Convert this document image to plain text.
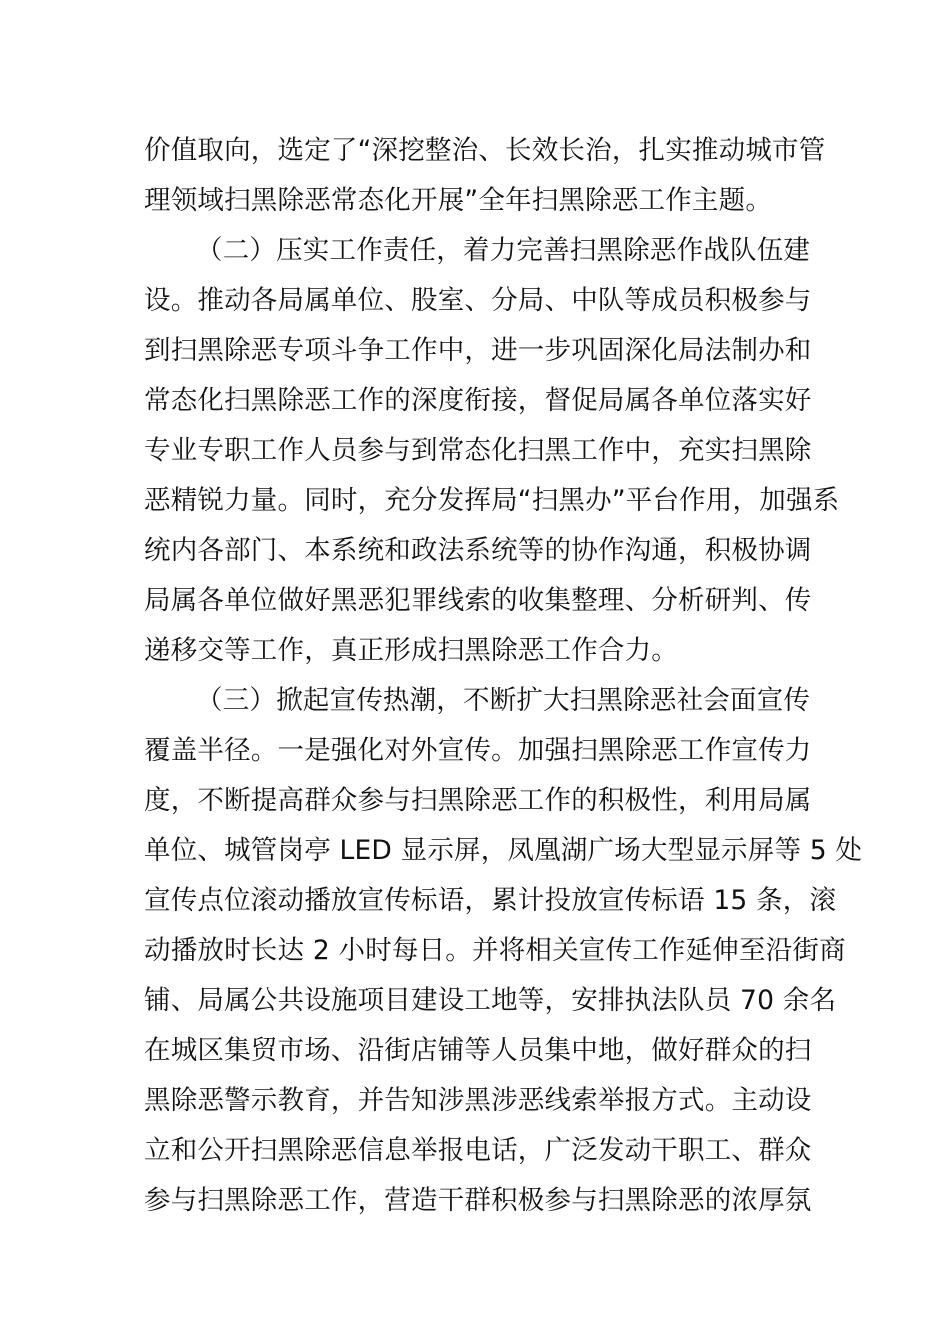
价值取向，选定了“深挖整治、长效长治，扎实推动城市管
理领域扫黑除恶常态化开展”全年扫黑除恶工作主题。
（二）压实工作责任，着力完善扫黑除恶作战队伍建
设。推动各局属单位、股室、分局、中队等成员积极参与
到扫黑除恶专项斗争工作中，进一步巩固深化局法制办和
常态化扫黑除恶工作的深度衔接，督促局属各单位落实好
专业专职工作人员参与到常态化扫黑工作中，充实扫黑除
恶精锐力量。同时，充分发挥局“扫黑办”平台作用，加强系
统内各部门、本系统和政法系统等的协作沟通，积极协调
局属各单位做好黑恶犯罪线索的收集整理、分析研判、传
递移交等工作，真正形成扫黑除恶工作合力。
（三）掀起宣传热潮，不断扩大扫黑除恶社会面宣传
覆盖半径。一是强化对外宣传。加强扫黑除恶工作宣传力
度，不断提高群众参与扫黑除恶工作的积极性，利用局属
单位、城管岗亭 LED 显示屏，凤凰湖广场大型显示屏等 5 处
宣传点位滚动播放宣传标语，累计投放宣传标语 15 条，滚
动播放时长达 2 小时每日。并将相关宣传工作延伸至沿街商
铺、局属公共设施项目建设工地等，安排执法队员 70 余名
在城区集贸市场、沿街店铺等人员集中地，做好群众的扫
黑除恶警示教育，并告知涉黑涉恶线索举报方式。主动设
立和公开扫黑除恶信息举报电话，广泛发动干职工、群众
参与扫黑除恶工作，营造干群积极参与扫黑除恶的浓厚氛
